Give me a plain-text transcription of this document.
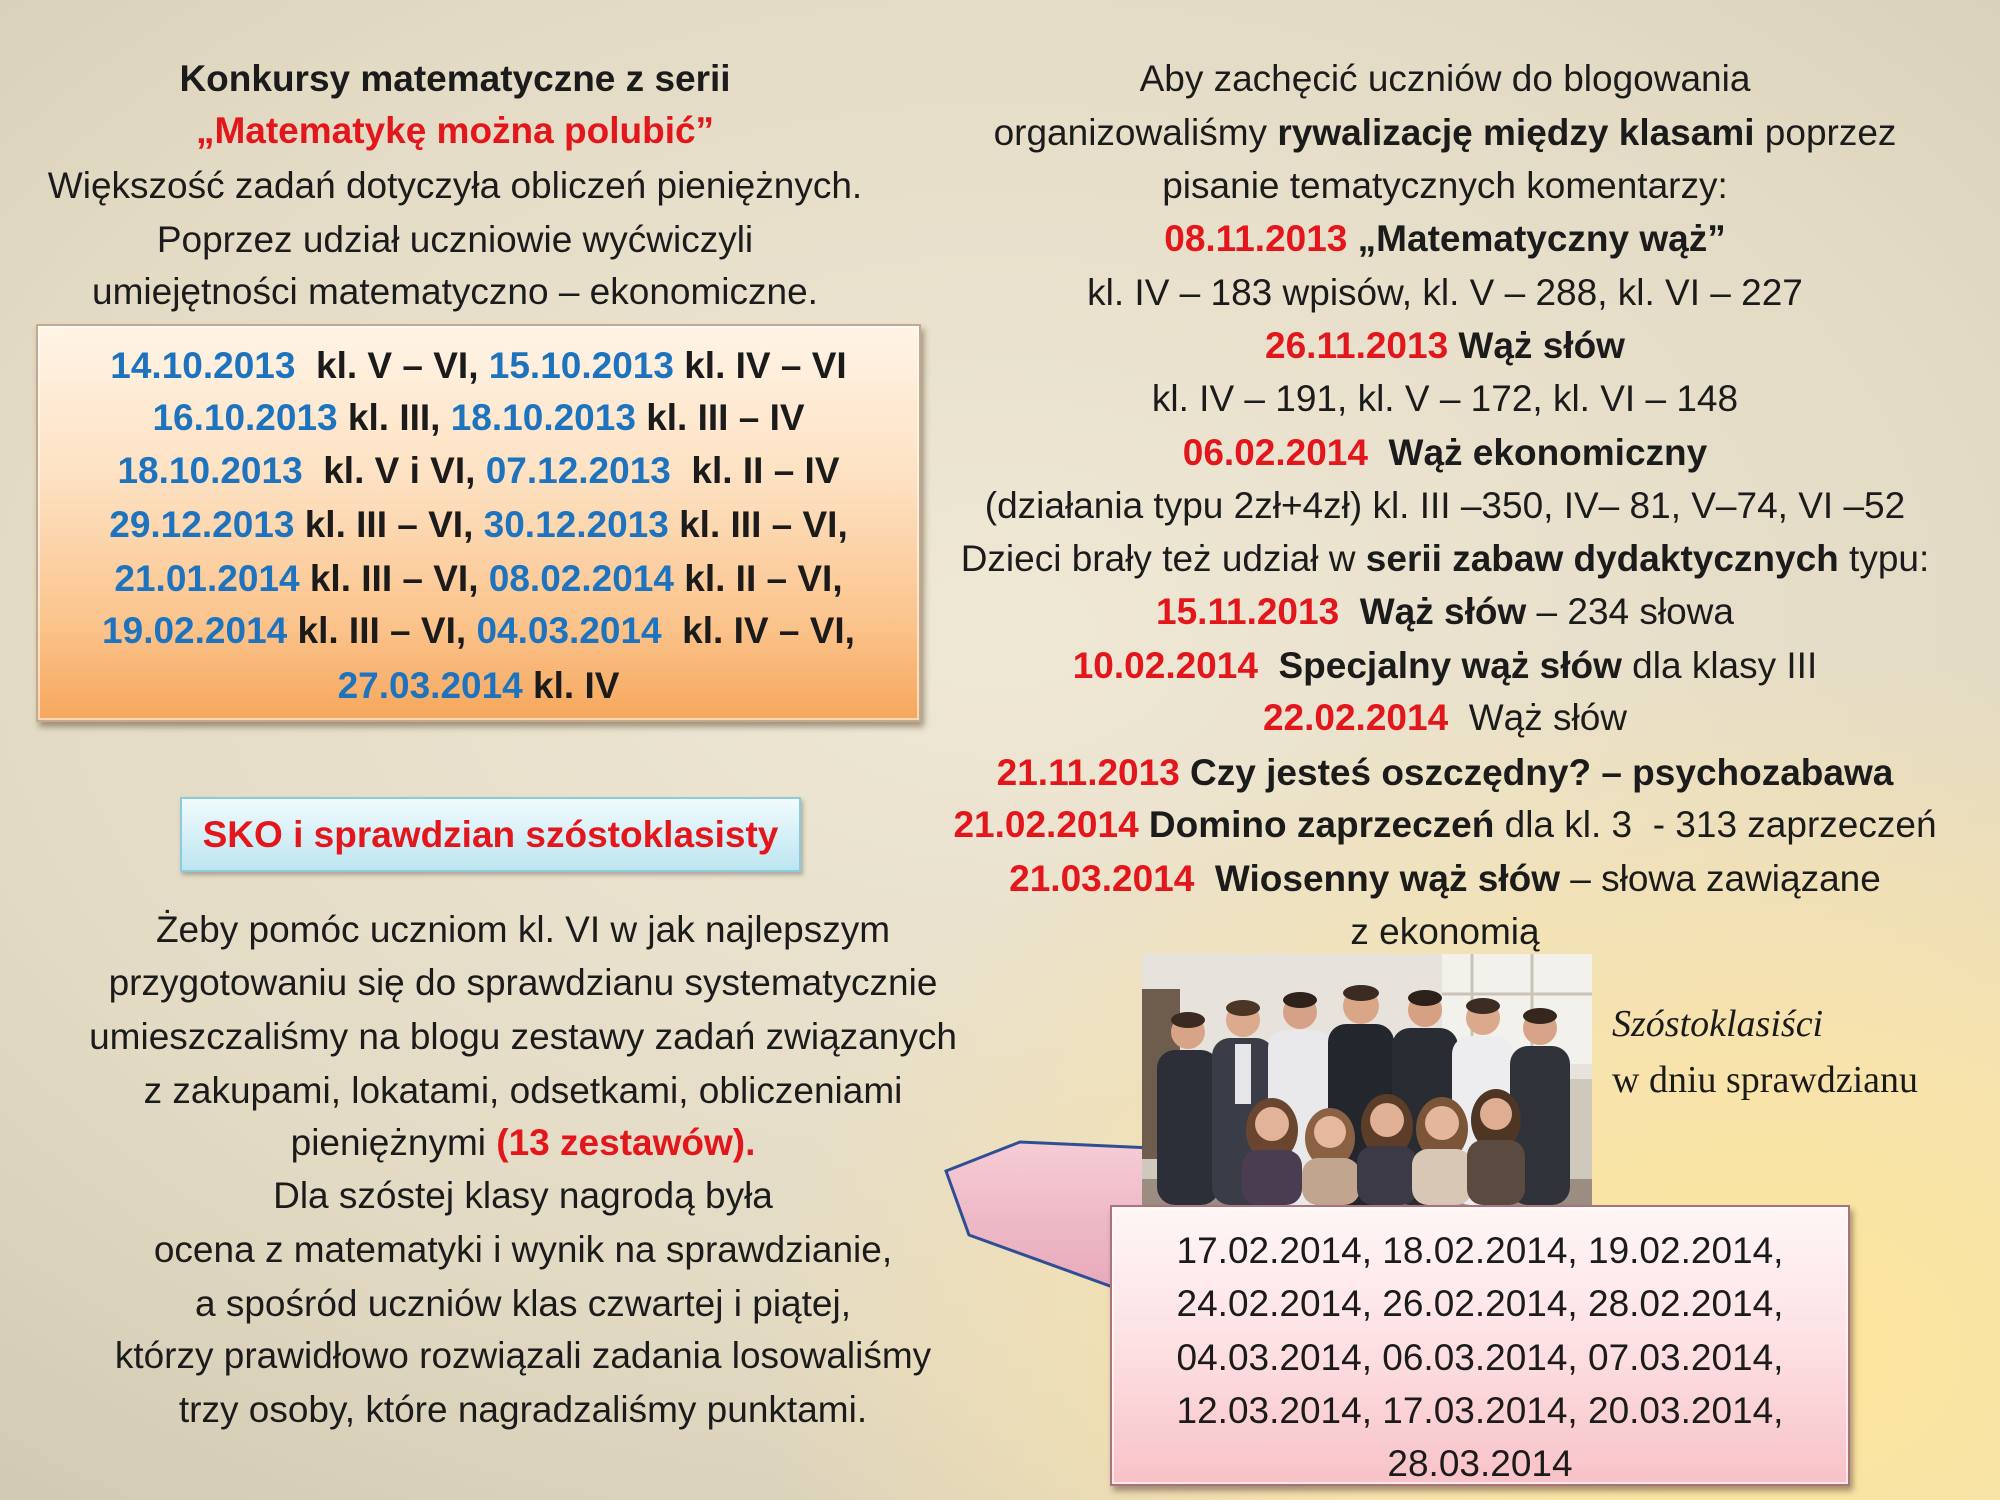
Konkursy matematyczne z serii
„Matematykę można polubić”
Większość zadań dotyczyła obliczeń pieniężnych.
Poprzez udział uczniowie wyćwiczyli
umiejętności matematyczno – ekonomiczne.
14.10.2013  kl. V – VI, 15.10.2013 kl. IV – VI
16.10.2013 kl. III, 18.10.2013 kl. III – IV
18.10.2013  kl. V i VI, 07.12.2013  kl. II – IV
29.12.2013 kl. III – VI, 30.12.2013 kl. III – VI,
21.01.2014 kl. III – VI, 08.02.2014 kl. II – VI,
19.02.2014 kl. III – VI, 04.03.2014  kl. IV – VI,
27.03.2014 kl. IV
SKO i sprawdzian szóstoklasisty
Żeby pomóc uczniom kl. VI w jak najlepszym
przygotowaniu się do sprawdzianu systematycznie
umieszczaliśmy na blogu zestawy zadań związanych
z zakupami, lokatami, odsetkami, obliczeniami
pieniężnymi (13 zestawów).
Dla szóstej klasy nagrodą była
ocena z matematyki i wynik na sprawdzianie,
a spośród uczniów klas czwartej i piątej,
którzy prawidłowo rozwiązali zadania losowaliśmy
trzy osoby, które nagradzaliśmy punktami.
Aby zachęcić uczniów do blogowania
organizowaliśmy rywalizację między klasami poprzez
pisanie tematycznych komentarzy:
08.11.2013 „Matematyczny wąż”
kl. IV – 183 wpisów, kl. V – 288, kl. VI – 227
26.11.2013 Wąż słów
kl. IV – 191, kl. V – 172, kl. VI – 148
06.02.2014  Wąż ekonomiczny
(działania typu 2zł+4zł) kl. III –350, IV– 81, V–74, VI –52
Dzieci brały też udział w serii zabaw dydaktycznych typu:
15.11.2013  Wąż słów – 234 słowa
10.02.2014  Specjalny wąż słów dla klasy III
22.02.2014  Wąż słów
21.11.2013 Czy jesteś oszczędny? – psychozabawa
21.02.2014 Domino zaprzeczeń dla kl. 3  - 313 zaprzeczeń
21.03.2014  Wiosenny wąż słów – słowa zawiązane
z ekonomią
Szóstoklasiści
w dniu sprawdzianu
17.02.2014, 18.02.2014, 19.02.2014,
24.02.2014, 26.02.2014, 28.02.2014,
04.03.2014, 06.03.2014, 07.03.2014,
12.03.2014, 17.03.2014, 20.03.2014,
28.03.2014
